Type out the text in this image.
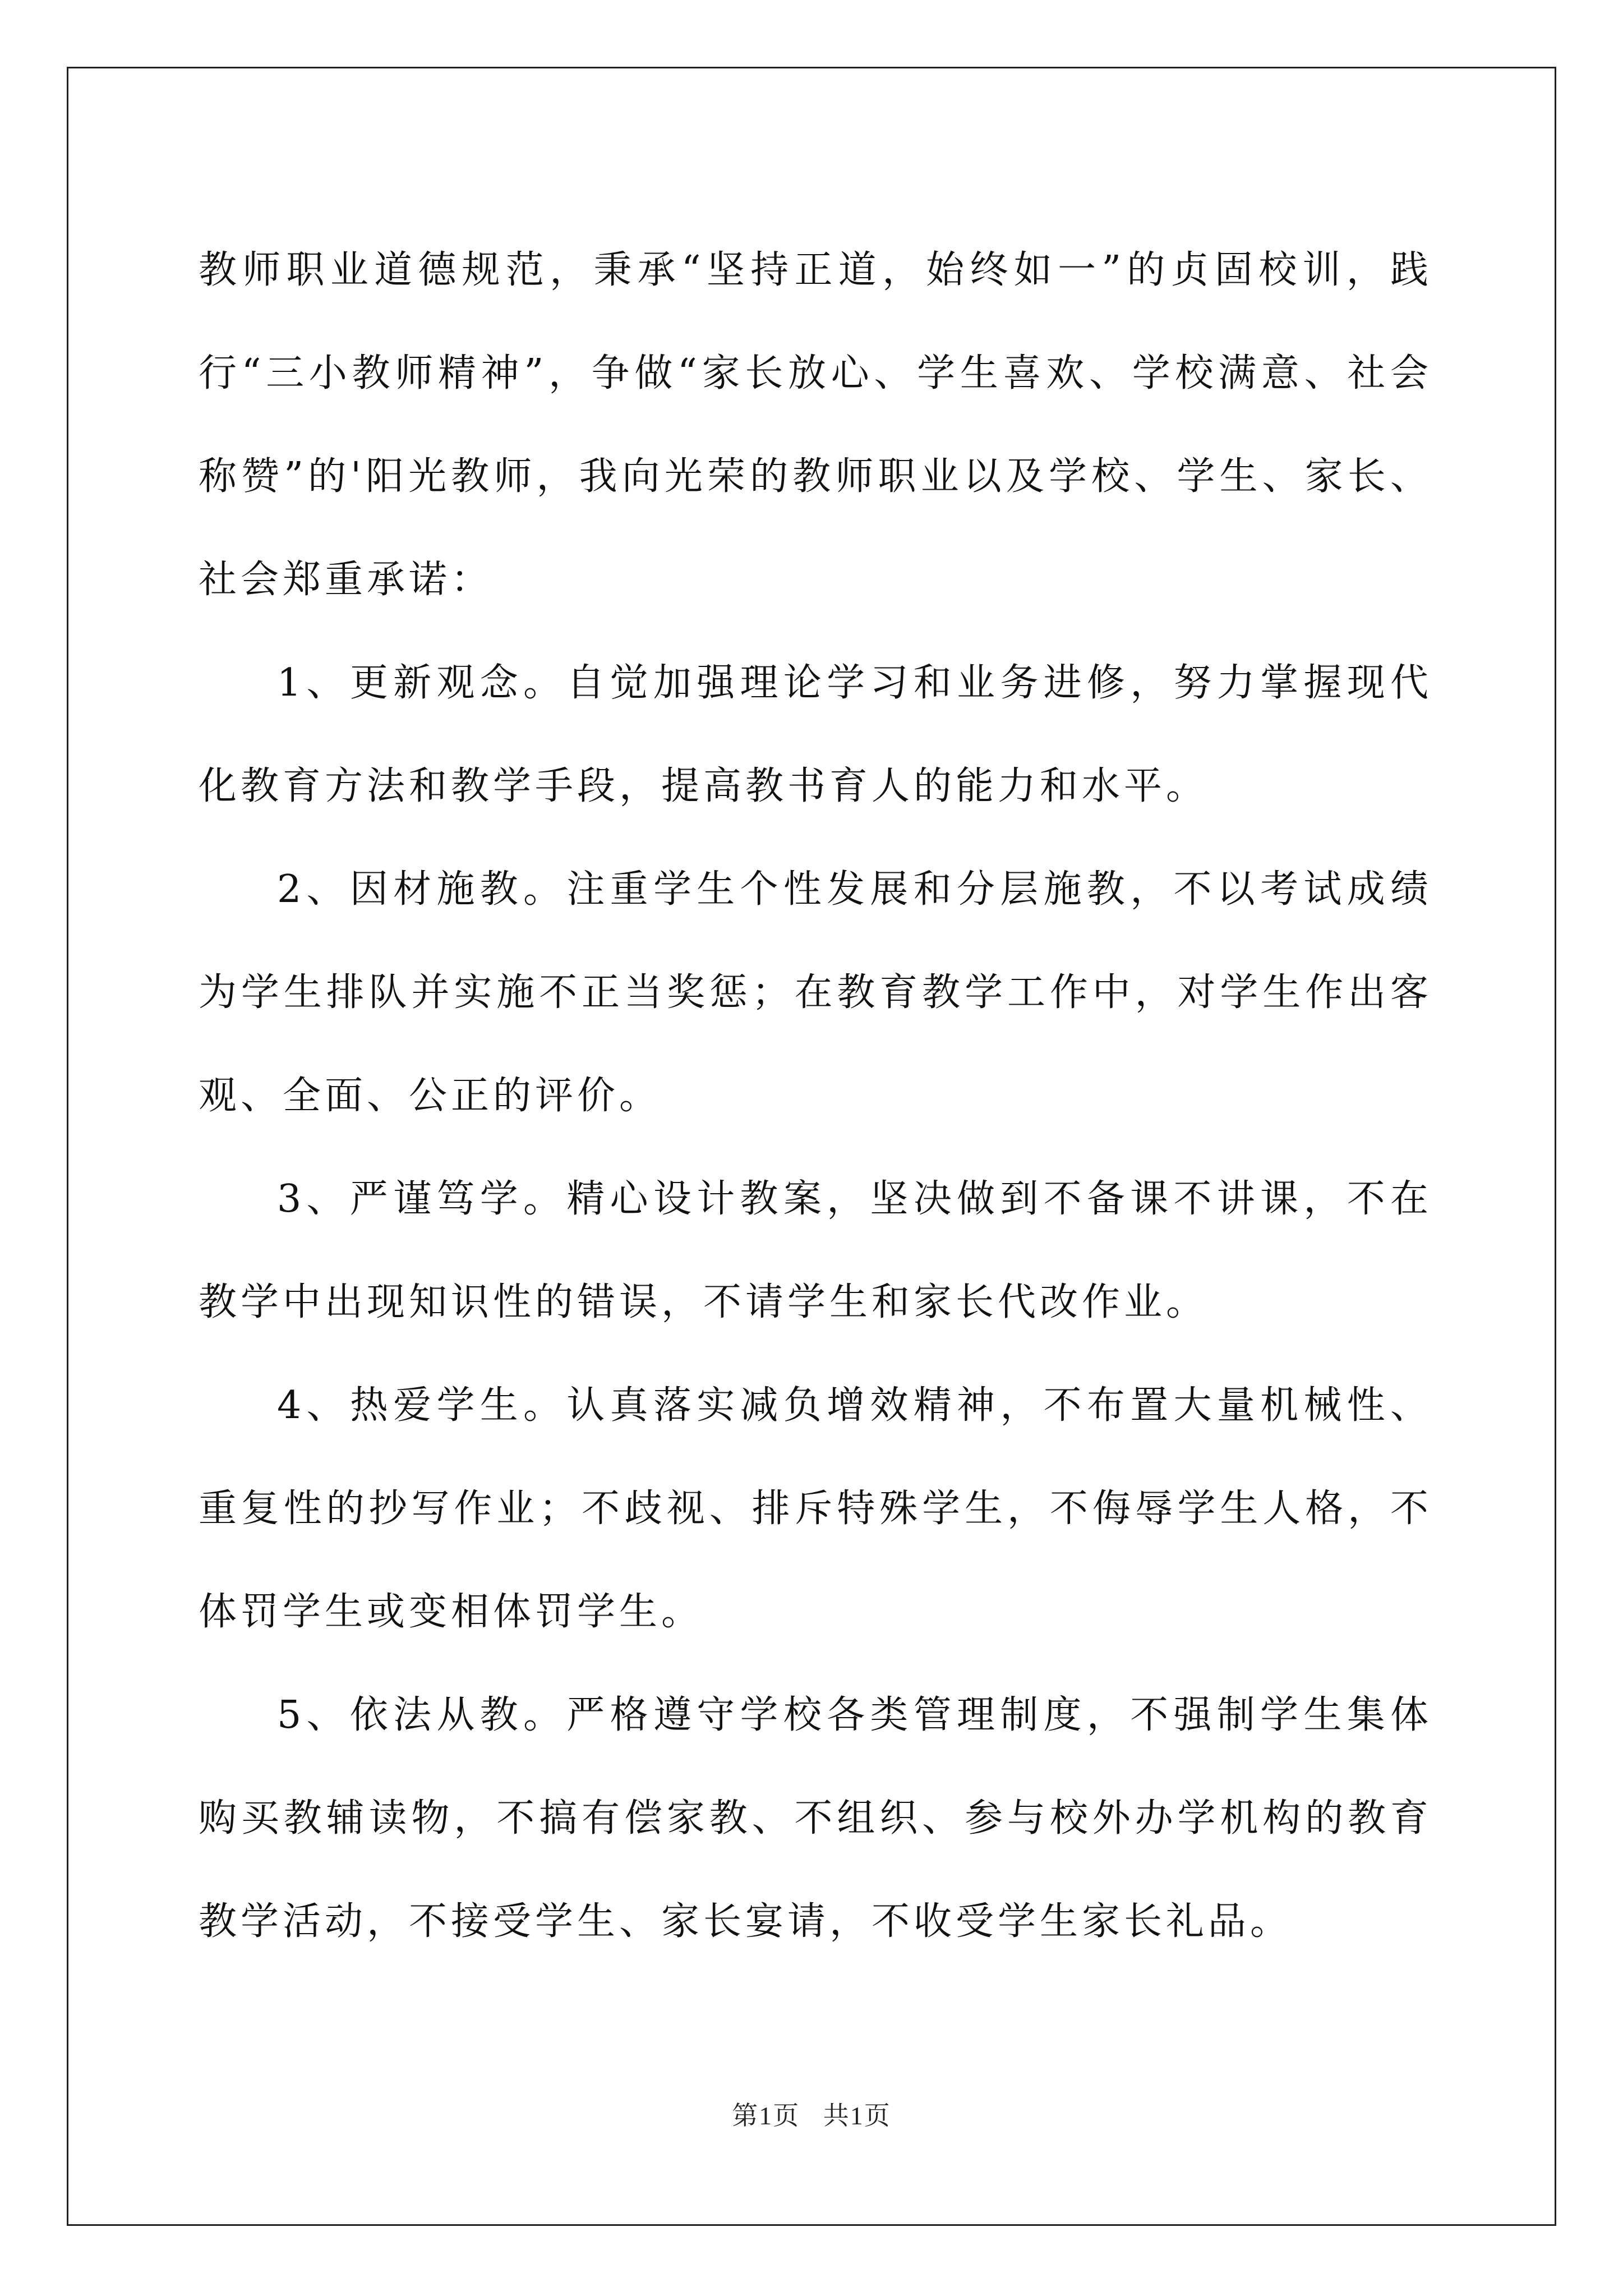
教师职业道德规范，秉承“坚持正道，始终如一”的贞固校训，践行“三小教师精神”，争做“家长放心、学生喜欢、学校满意、社会称赞”的'阳光教师，我向光荣的教师职业以及学校、学生、家长、社会郑重承诺：

1、更新观念。自觉加强理论学习和业务进修，努力掌握现代化教育方法和教学手段，提高教书育人的能力和水平。

2、因材施教。注重学生个性发展和分层施教，不以考试成绩为学生排队并实施不正当奖惩；在教育教学工作中，对学生作出客观、全面、公正的评价。

3、严谨笃学。精心设计教案，坚决做到不备课不讲课，不在教学中出现知识性的错误，不请学生和家长代改作业。

4、热爱学生。认真落实减负增效精神，不布置大量机械性、重复性的抄写作业；不歧视、排斥特殊学生，不侮辱学生人格，不体罚学生或变相体罚学生。

5、依法从教。严格遵守学校各类管理制度，不强制学生集体购买教辅读物，不搞有偿家教、不组织、参与校外办学机构的教育教学活动，不接受学生、家长宴请，不收受学生家长礼品。

第1页 共1页
